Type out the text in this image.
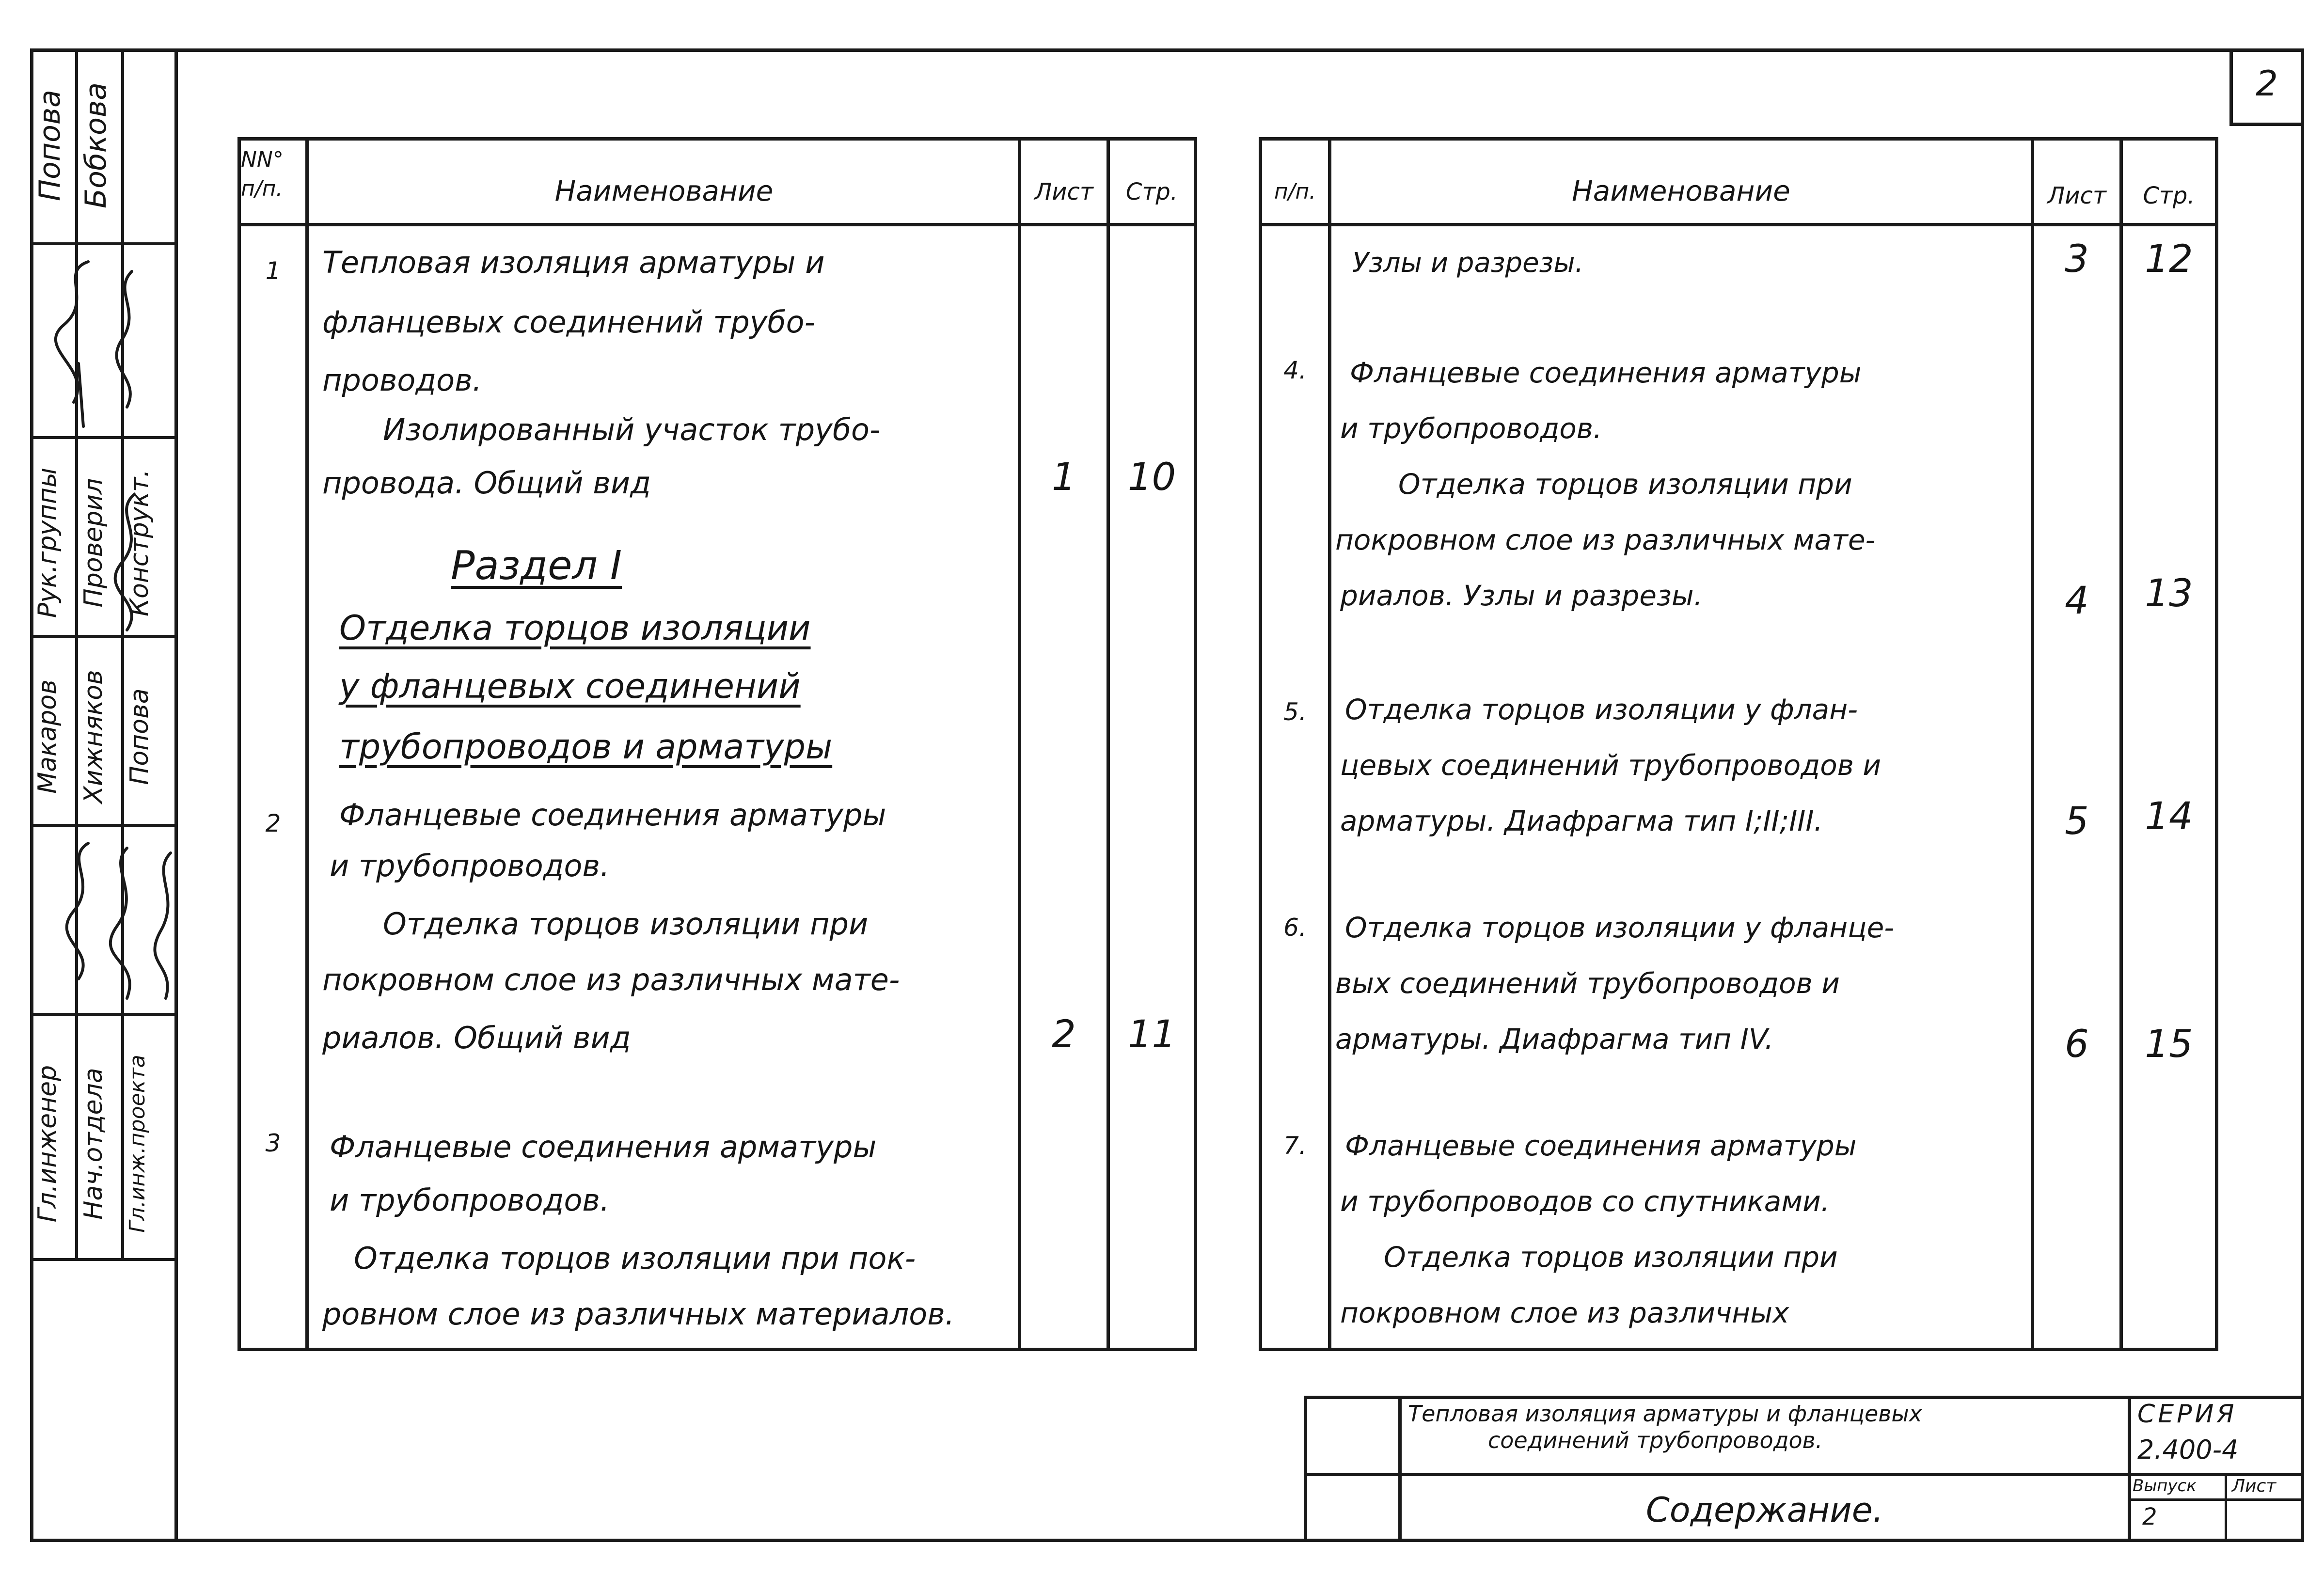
2
Гл.инженер Нач.отдела Гл.инж.проекта
Рук.группы Проверил Конструкт.
Макаров Хижняков Попова
Попова Бобкова	NN° п/п.	Наименование	Лист	Стр.
1	Тепловая изоляция арматуры и
фланцевых соединений трубо-
проводов.
Изолированный участок трубо-
провода. Общий вид	1	10
Раздел I
Отделка торцов изоляции
у фланцевых соединений
трубопроводов и арматуры
2	Фланцевые соединения арматуры
и трубопроводов.
Отделка торцов изоляции при
покровном слое из различных мате-
риалов. Общий вид	2	11
3	Фланцевые соединения арматуры
и трубопроводов.
Отделка торцов изоляции при пок-
ровном слое из различных материалов.
п/п.	Наименование	Лист	Стр.
Узлы и разрезы.	3	12
4.	Фланцевые соединения арматуры
и трубопроводов.
Отделка торцов изоляции при
покровном слое из различных мате-
риалов. Узлы и разрезы.	4	13
5.	Отделка торцов изоляции у флан-
цевых соединений трубопроводов и
арматуры. Диафрагма тип I;II;III.	5	14
6.	Отделка торцов изоляции у фланце-
вых соединений трубопроводов и
арматуры. Диафрагма тип IV.	6	15
7.	Фланцевые соединения арматуры
и трубопроводов со спутниками.
Отделка торцов изоляции при
покровном слое из различных
Тепловая изоляция арматуры и фланцевых
соединений трубопроводов.
Содержание.
СЕРИЯ
2.400-4
Выпуск Лист
2
